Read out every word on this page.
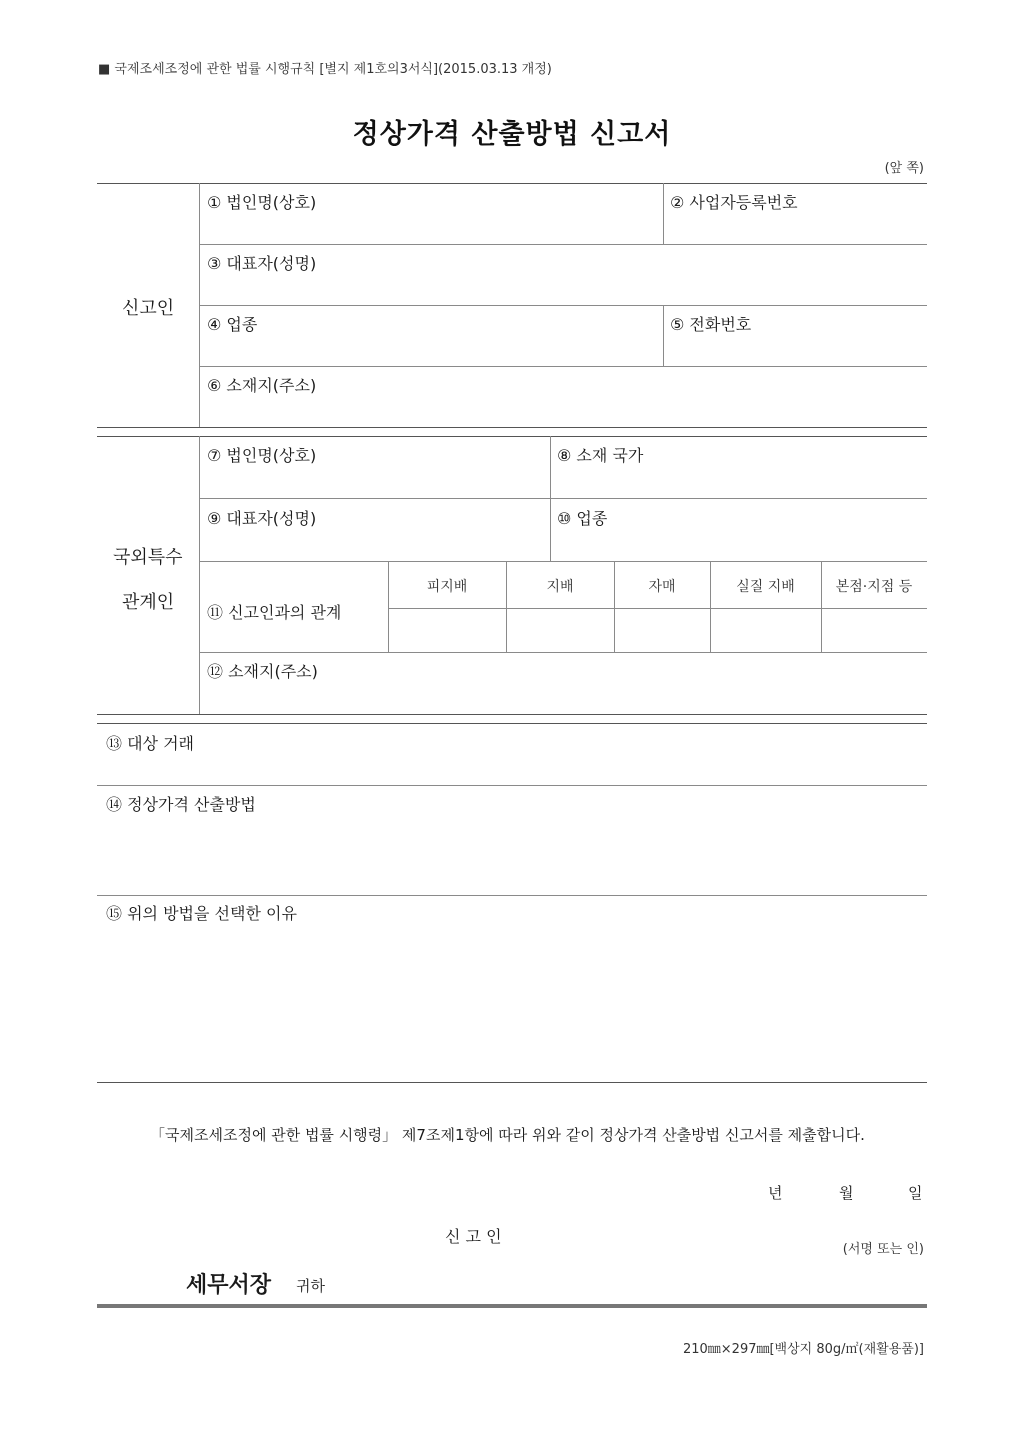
■ 국제조세조정에 관한 법률 시행규칙 [별지 제1호의3서식](2015.03.13 개정)
정상가격 산출방법 신고서
(앞 쪽)
신고인
① 법인명(상호)	② 사업자등록번호
③ 대표자(성명)
④ 업종	⑤ 전화번호
⑥ 소재지(주소)
국외특수
관계인
⑦ 법인명(상호)	⑧ 소재 국가
⑨ 대표자(성명)	⑩ 업종
⑪ 신고인과의 관계
피지배	지배	자매	실질 지배	본점·지점 등
⑫ 소재지(주소)
⑬ 대상 거래
⑭ 정상가격 산출방법
⑮ 위의 방법을 선택한 이유
「국제조세조정에 관한 법률 시행령」 제7조제1항에 따라 위와 같이 정상가격 산출방법 신고서를 제출합니다.
년	월	일
신 고 인
(서명 또는 인)
세무서장 귀하
210㎜×297㎜[백상지 80g/㎡(재활용품)]
